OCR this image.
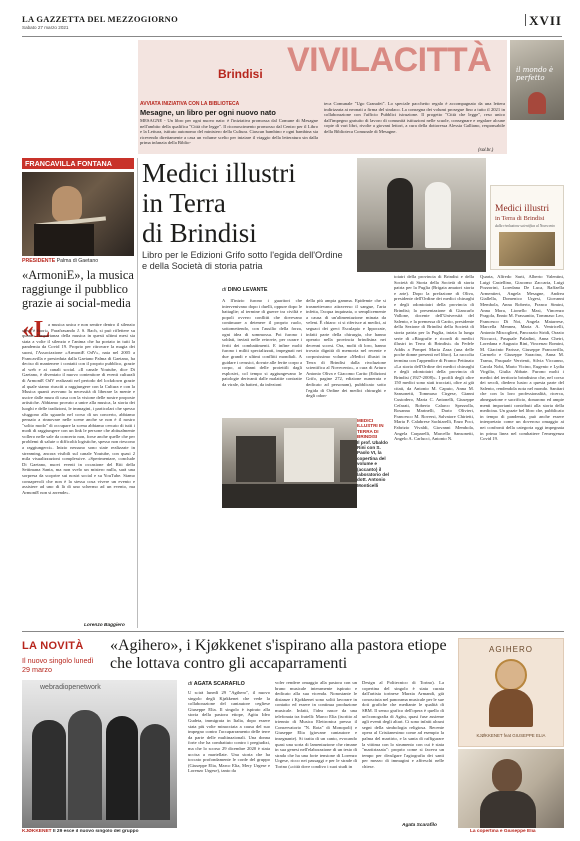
LA GAZZETTA DEL MEZZOGIORNO
Sabato 27 marzo 2021	XVII
Brindisi VIVILACITTÀ
AVVIATA INIZIATIVA CON LA BIBLIOTECA
Mesagne, un libro per ogni nuovo nato
MESAGNE - Un libro per ogni nuovo nato: è l'iniziativa promossa dal Comune di Mesagne nell'ambito della qualifica "Città che legge". Il riconoscimento promosso dal Centro per il Libro e la Lettura, istituto autonomo del ministero della Cultura. Ciascun bambino e ogni bambina sta ricevendo direttamente a casa un volume scelto per iniziare il viaggio della letteratura sin dalla prima infanzia della Biblio-
teca Comunale "Ugo Granafei". Lo speciale pacchetto regalo è accompagnato da una lettera indirizzata ai neonati a firma del sindaco. La consegna dei volumi prosegue fino a tutto il 2021 in collaborazione con l'ufficio Pubblici istruzione. Il progetto "Città che legge", reso unico dall'impegno gratuito di lavoro di comunità istituzioni nelle scuole, consegnare e regalare alcune copie di vari libri, rivolte a giovani lettori, a cura della dottoressa Alessia Galliano, responsabile della Biblioteca Comunale di Mesagne.
(sol.br.)
il mondo è perfetto
FRANCAVILLA FONTANA
PRESIDENTE Palma di Gaetano
«ArmoniE», la musica raggiunge il pubblico grazie ai social-media
«L
a musica unica e non sentire dentro il silenzio che c'è fuori». Parafrasando J. S. Bach, si può riflettere su quanto l'importanza della musica in questi ultimi mesi sia stata a volte il silenzio e l'anima che ha portato in tutti la pandemia da Covid 19. Proprio per ritrovare la magia dei suoni, l'Associazione «ArmoniE OdV», nata nel 2005 a Francavilla e presieduta dalla Gaetano Palma di Gaetano, ha deciso di mantenere i contatti con il proprio pubblico, grazie al web e ai canali social. «Il canale Youtube, dice Di Gaetano, è diventato il nuovo contenitore di eventi culturali di ArmoniE OdV realizzati nel periodo del lockdown grazie al quale siamo riusciti a raggiungere con la Cultura e con la Musica quanti avevano la necessità di liberare la mente e uscire dalle mura di casa con la visione delle nostre proposte artistiche. Abbiamo provato a unire alla musica, la storia dei luoghi e delle tradizioni, le immagini, i particolari che spesso sfuggono allo sguardo nel corso di un concerto, abbiamo pensato a rinnovare nelle scene anche se non è il nostro "solito modo" di occupare la scena abbiamo cercato di tutti i modi di raggiungere con un link le persone che abitualmente vollero nelle sale da concerto non, forse anche quelle che per problemi di salute o difficoltà logistiche, spesso non riescono a raggiungerci». Inizio nessuno sono state realizzate in streaming, ancora visibili sul canale Youtube, con quasi 2 mila visualizzazioni complessive. «Sperimentare, conclude Di Gaetano, nuovi eventi in occasione del Riti della Settimana Santa, ma non svelo un mistero nulla, sarà una sorpresa da scoprire sui nostri social e su YouTube. Siamo consapevoli che non è la stessa cosa vivere un evento e assistere ad uno di là di uno schermo ad un evento, ma ArmoniE non si arrende».
Lorenzo Baggiero
Medici illustri
in Terra
di Brindisi
Libro per le Edizioni Grifo sotto l'egida dell'Ordine e della Società di storia patria
Medici illustri
in Terra di Brindisi
dalla rivoluzione scientifica al Novecento
di DINO LEVANTE
A ll'inizio furono i guaritori che intervenivano dopo i duelli, oppure dopo le battaglie; al termine di guerre tra civiltà e popoli ovvero conflitti che dovevano continuare a detenere il proprio ruolo, sottomettendo, con l'ausilio della forza, ogni idea di sommossa. Poi furono i soldati, inviati nelle retrovie, per curare i feriti dei combattimenti. E infine molti furono i militi specializzati, impegnati nei due grandi e ultimi conflitti mondiali. A guidare i cerusici, dovute alle ferite corpo a corpo, ai danni delle proiettili dagli esplosivi, col tempo si aggiungevano le patologie derivanti dalle malattie contratte da virale, da batteri, da infezioni
della più ampia gamma. Epidemie che si trasmettevano attraverso il sangue, l'aria infetta, l'acqua inquinata, o semplicemente a causa di un'alimentazione minata da veleni. È chiaro: ci si riferisce ai medici, ai seguaci dei greci Esculapio e Ippocrate, infatti parte della chirurgia, che hanno operato nella provincia brindisina nei decenni scorsi. Ora, molti di loro, hanno trovato dignità di memoria nel recente e corposissimo volume «Medici illustri in Terra di Brindisi dalla rivoluzione scientifica al Novecento», a cura di Arturo Antonio Oliva e Giacomo Carito (Edizioni Grifo, pagine 272, edizione numerata e dedicato ad personam), pubblicato sotto l'egida di Ordine dei medici chirurghi e degli odon-
toiatri della provincia di Brindisi e della Società di Storia della Società di storia patria per la Puglia (Brigata amatori storia e arte). Dopo la prefazione di Oliva, presidente dell'Ordine dei medici chirurghi e degli odontoiatri della provincia di Brindisi; la presentazione di Giancarlo Vallone, docente dell'Università del Salento, e la premessa di Carito, presidente della Sezione di Brindisi della Società di storia patria per la Puglia, inizia la lunga serie di «Biografie e ricordi di medici illustri in Terra di Brindisi» da Fedele Addis a Pompei Maria Zaza (una delle poche donne presenti nel libro). La raccolta termina con l'appendice di Franco Pettinato «La storia dell'Ordine dei medici chirurghi e degli odontoiatri della provincia di Brindisi (1927-2008)». I profili degli oltre 150 medici sono stati tracciati, oltre ai già citati, da Antonio M. Caputo, Anna M. Sansonetti, Tommaso Cirgese, Gianni Custodero, Maria C. Antonelli, Giuseppe Cefarati, Roberto Calarco Spezzolla, Rosanna Marinelli, Dario Olivieri, Francesco M. Roversi, Salvatore Chirietti, Maria F. Calabrese Sachiarelli, Enzo Poci, Fabrizio Vivaldi, Giovanni Membola, Angela Carparelli, Marcello Sansonetti, Angelo A. Carlucci, Antonio N.
Quarta, Alfredo Sarti, Alberto Valentini, Luigi Castellino, Giacomo Zaccaria, Luigi Pozzorini, Loredana De Luca, Raffaella Armentieri, Angela Mesagne, Andrea Giallella, Domenico Urgesi, Giovanni Membola, Anna Roberto, Franco Simini, Anna Mora, Lionello Masi, Vincenzo Pragola, Ennio M. Frassanito, Tommaso Leo, Francesco Di Noi, Angela Matarrese, Marcella Mennea, Maria A. Ventricelli, Antonio Miscoglieri, Pancrazio Stridi, Orazio Niccucci, Pasquale Paladini, Anna Chetri, Loredana e Augusto Rini, Vincenzo Romini, M. Giacinto Parisse, Giuseppe Francavilla, Carmelo e Giuseppe Saracino, Anna M. Trama, Pasquale Verrienti, Silvia Viccanno, Carola Nobi, Mario Vicino, Eugenio e Lydia Virgilio, Giulia Abbate. Furono molti i medici del territorio brindisino che, nel corso dei secoli, diedero lustro a questa parte del Salento, rendendola nota nel mondo. Sanitari che con la loro professionalità, ricerca, abnegazione e sacrificio, donarono ed ampie menti importanti contributi alla storia della medicina. Un grazie bel libro che, pubblicato in tempo di pandemia, può anche essere interpretato come un doveroso omaggio ai nei confronti della categoria oggi impegnata in prima linea nel combattere l'emergenza Covid 19.
MEDICI ILLUSTRI IN TERRA DI BRINDISI
Il prof. Ubaldo Rini con S. Paolo VI, la copertina del volume e (accanto) il laboratorio del dott. Antonio Monticelli
LA NOVITÀ
Il nuovo singolo lunedì
29 marzo
«Agihero», i Kjøkkenet s'ispirano alla pastora etiope che lottava contro gli accaparramenti
webradiopenetwork
KJØKKENET Il 29 esce il nuovo singolo del gruppo
di AGATA SCARAFILO
U scirà lunedì 29 "Agihero", il nuovo singolo degli Kjøkkenet che vede la collaborazione del cantautore cegliese Giuseppe Elia. Il singolo è ispirato alla storia della pastora etiope, Agitu Ideo Gudeta, immigrata in Italia, dopo essere stata più volte minacciata a causa del suo impegno contro l'accaparramento delle terre da parte delle multinazionali. Una donna forte che ha combattuto contro i pregiudizi, ma che lo scorso 29 dicembre 2020 è stata uccisa a martellate. Una storia che ha toccato profondamente le corde del gruppo (Giuseppe Elia, Marco Elia, Mery Urgese e Lorenzo Urgese), tanto da
voler rendere omaggio alla pastora con un brano musicale interamente ispirato e dedicato alla sua vicenda. Nonostante le distanze i Kjøkkenet sono soliti lavorare in contatto ed essere in continua produzione musicale. Infatti, l'idea nasce da una telefonata tra fratelli: Marco Elia (iscritto al triennio di Musica Elettronica presso il Conservatorio "N. Rota" di Monopoli) e Giuseppe Elia (giovane cantautore e insegnante). Si tratta di un canto, evocando quasi una sorta di lamentazione che rimane in sua genesi nell'elaborazione di un testo di strada che ha una forte tensione di Lorenzo Urgese, ricco nei passaggi e per le strade di Torino («città dove condivo i suoi studi in
Design al Politecnico di Torino). La copertina del singolo è stata curata dall'artista torinese Marzia Armandi, già conosciuta nel panorama musicale per le sue doti grafiche che mediante le qualità di SBM. Il senso grafico dell'opera è quello di un'iconografia di Agitu, quasi fuse assieme agli eventi degli altari. Ci sono infatti alcuni segni della simbologia religiosa. Recente opera al Cristianesimo come ad esempio la palma del martirio, e la santa di raffigurare la vittima con lo strumento con cui è stata "martirizzata": proprio come si faceva un tempo per divulgare l'agiografia dei santi per mezzo di immagini e affreschi nelle chiese.
Agata Scarafilo
AGIHERO
KJØKKENET feat GIUSEPPE ELIA
La copertina e Giuseppe Elia
